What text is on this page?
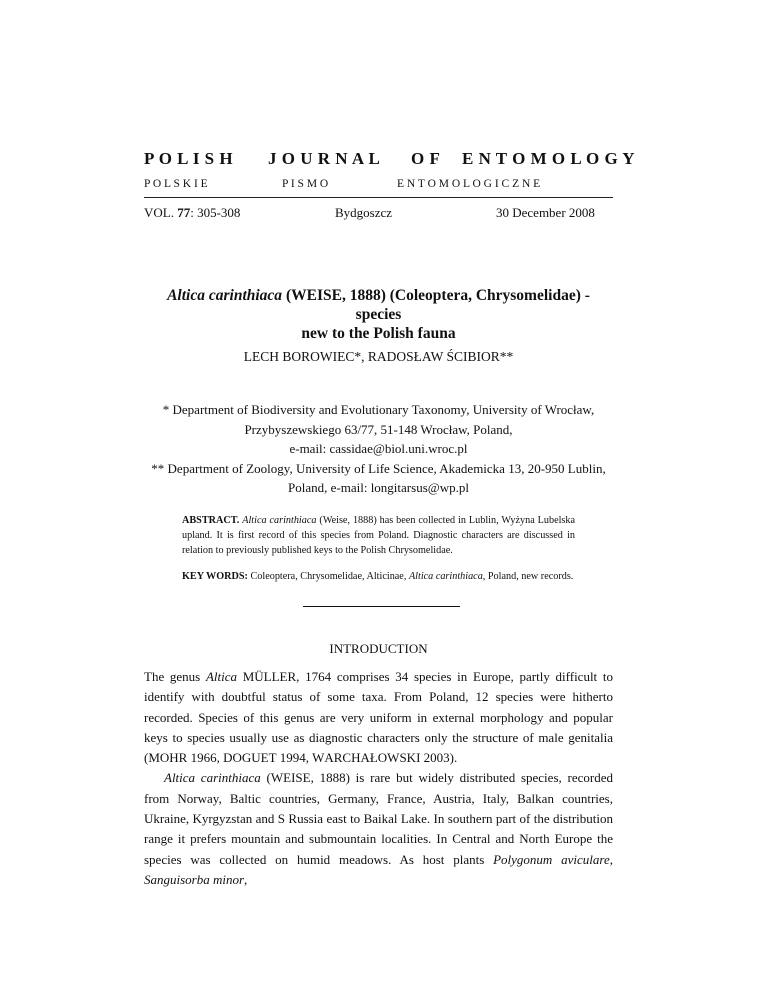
P O L I S H J O U R N A L O F E N T O M O L O G Y
P O L S K I E	P I S M O	E N T O M O L O G I C Z N E
VOL. 77: 305-308	Bydgoszcz	30 December 2008
Altica carinthiaca (WEISE, 1888) (Coleoptera, Chrysomelidae) - species
new to the Polish fauna
LECH BOROWIEC*, RADOSŁAW ŚCIBIOR**
* Department of Biodiversity and Evolutionary Taxonomy, University of Wrocław,
Przybyszewskiego 63/77, 51-148 Wrocław, Poland,
e-mail: cassidae@biol.uni.wroc.pl
** Department of Zoology, University of Life Science, Akademicka 13, 20-950 Lublin,
Poland, e-mail: longitarsus@wp.pl
ABSTRACT. Altica carinthiaca (Weise, 1888) has been collected in Lublin, Wyżyna Lubelska upland. It is first record of this species from Poland. Diagnostic characters are discussed in relation to previously published keys to the Polish Chrysomelidae.
KEY WORDS: Coleoptera, Chrysomelidae, Alticinae, Altica carinthiaca, Poland, new records.
INTRODUCTION

The genus Altica MÜLLER, 1764 comprises 34 species in Europe, partly difficult to identify with doubtful status of some taxa. From Poland, 12 species were hitherto recorded. Species of this genus are very uniform in external morphology and popular keys to species usually use as diagnostic characters only the structure of male genitalia (MOHR 1966, DOGUET 1994, WARCHAŁOWSKI 2003).

Altica carinthiaca (WEISE, 1888) is rare but widely distributed species, recorded from Norway, Baltic countries, Germany, France, Austria, Italy, Balkan countries, Ukraine, Kyrgyzstan and S Russia east to Baikal Lake. In southern part of the distribution range it prefers mountain and submountain localities. In Central and North Europe the species was collected on humid meadows. As host plants Polygonum aviculare, Sanguisorba minor,
